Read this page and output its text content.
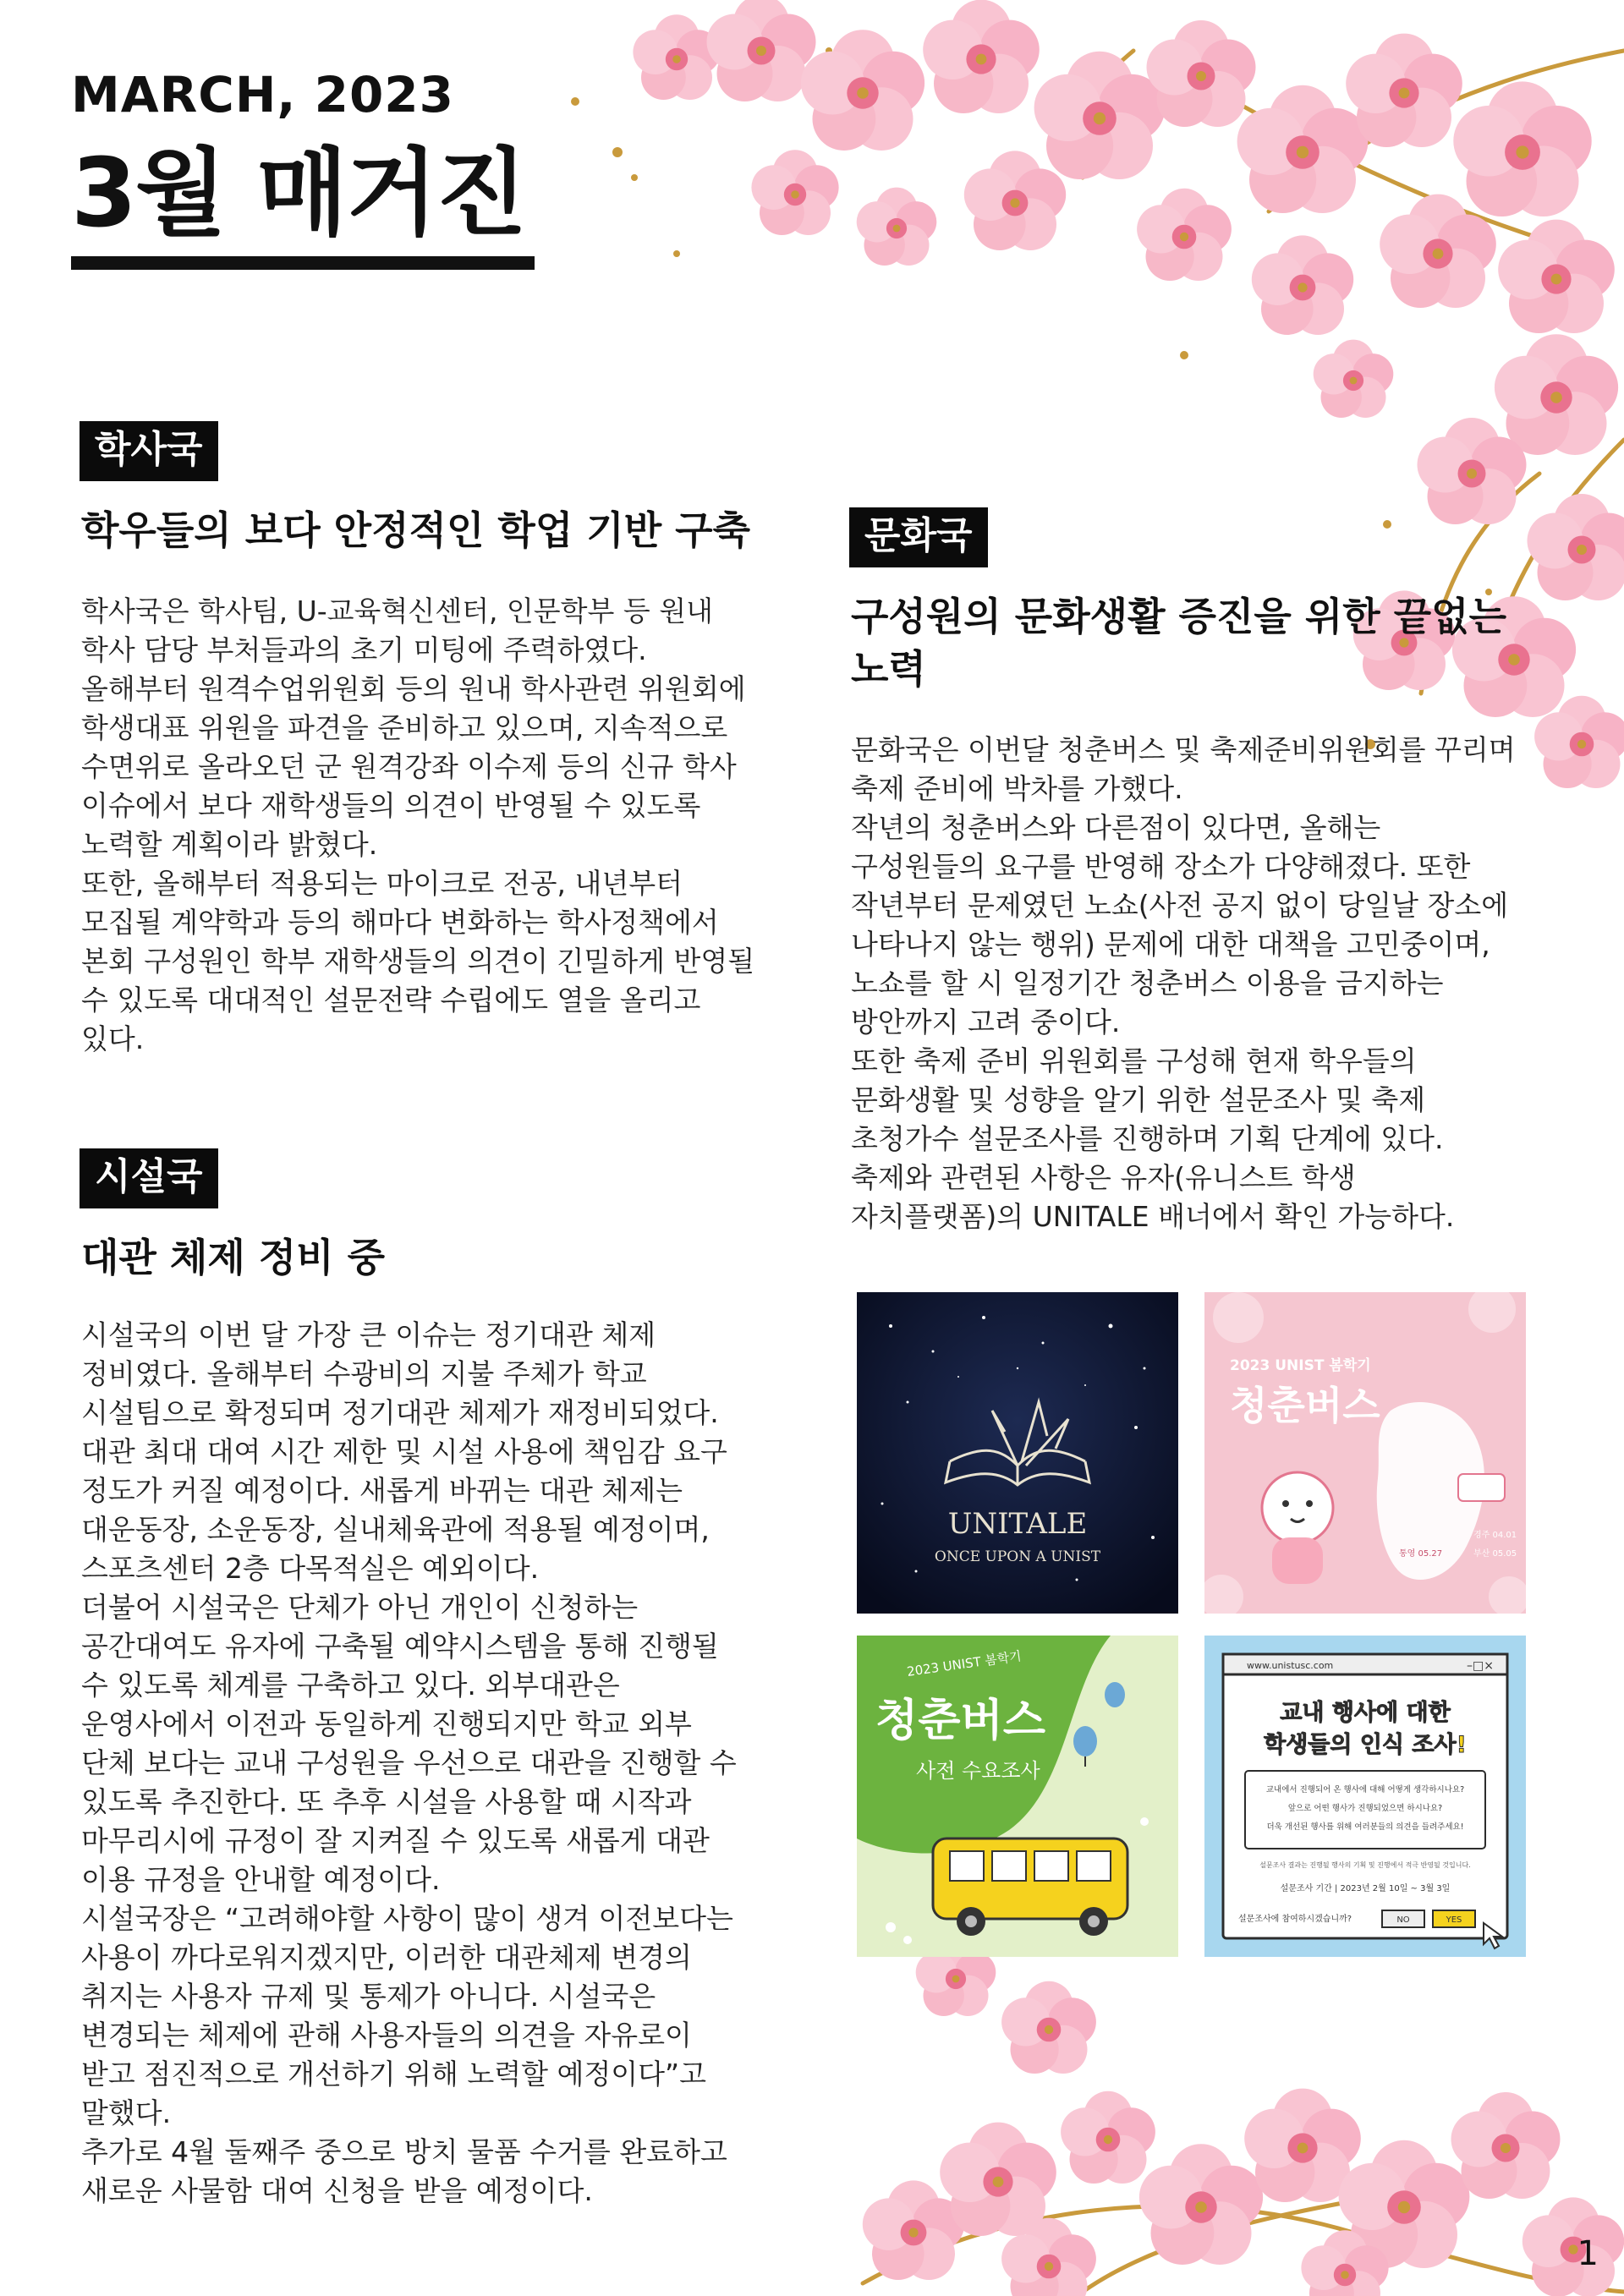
MARCH, 2023
3월 매거진
학사국
학우들의 보다 안정적인 학업 기반 구축

학사국은 학사팀, U-교육혁신센터, 인문학부 등 원내

학사 담당 부처들과의 초기 미팅에 주력하였다.

올해부터 원격수업위원회 등의 원내 학사관련 위원회에

학생대표 위원을 파견을 준비하고 있으며, 지속적으로

수면위로 올라오던 군 원격강좌 이수제 등의 신규 학사

이슈에서 보다 재학생들의 의견이 반영될 수 있도록

노력할 계획이라 밝혔다.

또한, 올해부터 적용되는 마이크로 전공, 내년부터

모집될 계약학과 등의 해마다 변화하는 학사정책에서

본회 구성원인 학부 재학생들의 의견이 긴밀하게 반영될

수 있도록 대대적인 설문전략 수립에도 열을 올리고

있다.

시설국
대관 체제 정비 중

시설국의 이번 달 가장 큰 이슈는 정기대관 체제

정비였다. 올해부터 수광비의 지불 주체가 학교

시설팀으로 확정되며 정기대관 체제가 재정비되었다.

대관 최대 대여 시간 제한 및 시설 사용에 책임감 요구

정도가 커질 예정이다. 새롭게 바뀌는 대관 체제는

대운동장, 소운동장, 실내체육관에 적용될 예정이며,

스포츠센터 2층 다목적실은 예외이다.

더불어 시설국은 단체가 아닌 개인이 신청하는

공간대여도 유자에 구축될 예약시스템을 통해 진행될

수 있도록 체계를 구축하고 있다. 외부대관은

운영사에서 이전과 동일하게 진행되지만 학교 외부

단체 보다는 교내 구성원을 우선으로 대관을 진행할 수

있도록 추진한다. 또 추후 시설을 사용할 때 시작과

마무리시에 규정이 잘 지켜질 수 있도록 새롭게 대관

이용 규정을 안내할 예정이다.

시설국장은 “고려해야할 사항이 많이 생겨 이전보다는

사용이 까다로워지겠지만, 이러한 대관체제 변경의

취지는 사용자 규제 및 통제가 아니다. 시설국은

변경되는 체제에 관해 사용자들의 의견을 자유로이

받고 점진적으로 개선하기 위해 노력할 예정이다”고

말했다.

추가로 4월 둘째주 중으로 방치 물품 수거를 완료하고

새로운 사물함 대여 신청을 받을 예정이다.

문화국
구성원의 문화생활 증진을 위한 끝없는
노력

문화국은 이번달 청춘버스 및 축제준비위원회를 꾸리며

축제 준비에 박차를 가했다.

작년의 청춘버스와 다른점이 있다면, 올해는

구성원들의 요구를 반영해 장소가 다양해졌다. 또한

작년부터 문제였던 노쇼(사전 공지 없이 당일날 장소에

나타나지 않는 행위) 문제에 대한 대책을 고민중이며,

노쇼를 할 시 일정기간 청춘버스 이용을 금지하는

방안까지 고려 중이다.

또한 축제 준비 위원회를 구성해 현재 학우들의

문화생활 및 성향을 알기 위한 설문조사 및 축제

초청가수 설문조사를 진행하며 기획 단계에 있다.

축제와 관련된 사항은 유자(유니스트 학생

자치플랫폼)의 UNITALE 배너에서 확인 가능하다.

UNITALE
ONCE UPON A UNIST
2023 UNIST 봄학기
청춘버스
경주 04.01
부산 05.05
통영 05.27
2023 UNIST 봄학기
청춘버스
사전 수요조사
www.unistusc.com	–□×
교내 행사에 대한
학생들의 인식 조사!
교내에서 진행되어 온 행사에 대해 어떻게 생각하시나요?
앞으로 어떤 행사가 진행되었으면 하시나요?
더욱 개선된 행사를 위해 여러분들의 의견을 들려주세요!
설문조사 결과는 진행될 행사의 기획 및 진행에서 적극 반영될 것입니다.
설문조사 기간 | 2023년 2월 10일 ~ 3월 3일
설문조사에 참여하시겠습니까?	NO	YES
1
